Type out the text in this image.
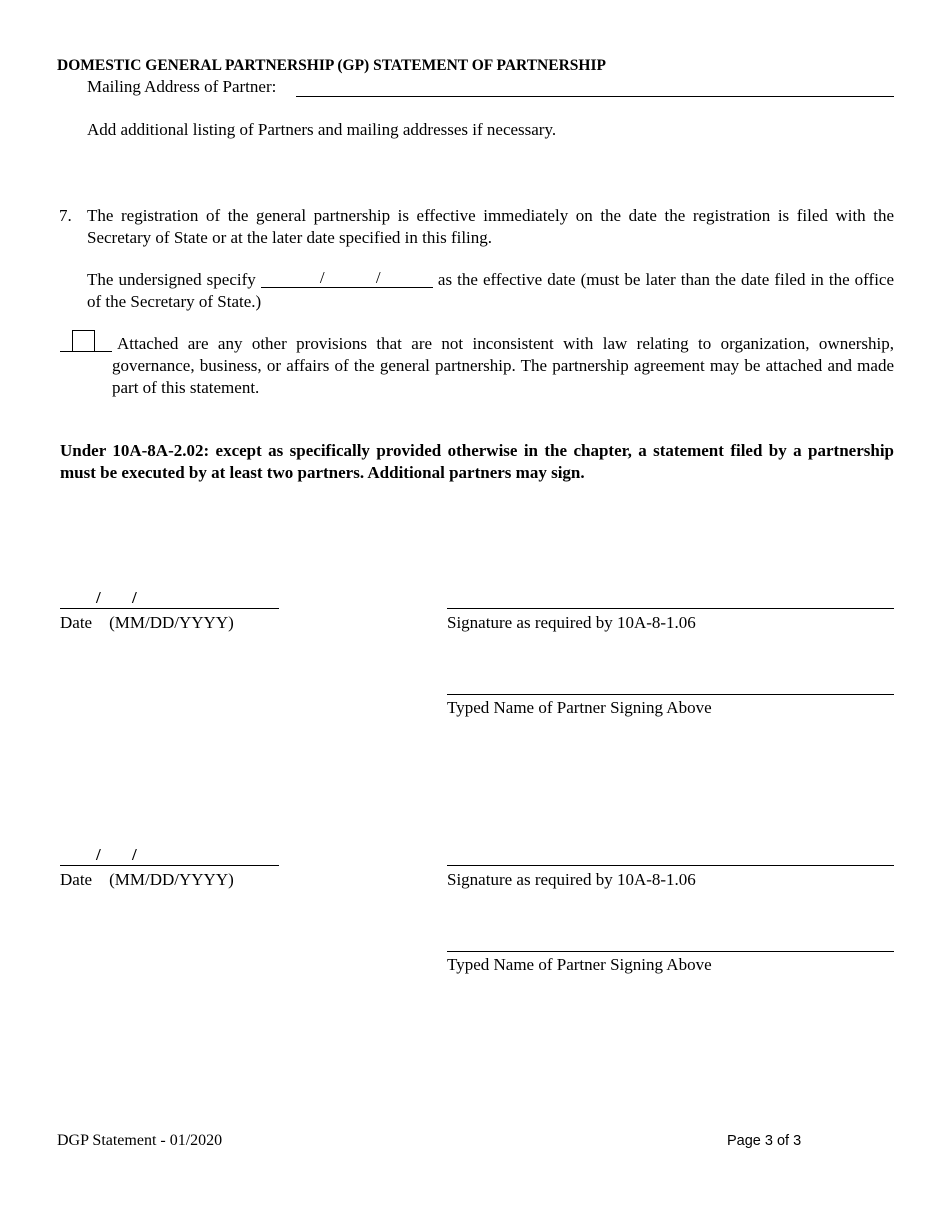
DOMESTIC GENERAL PARTNERSHIP (GP) STATEMENT OF PARTNERSHIP
Mailing Address of Partner:
Add additional listing of Partners and mailing addresses if necessary.
7. The registration of the general partnership is effective immediately on the date the registration is filed with the Secretary of State or at the later date specified in this filing.
The undersigned specify	/	/	as the effective date (must be later than the date filed in the office of the Secretary of State.)
Attached are any other provisions that are not inconsistent with law relating to organization, ownership, governance, business, or affairs of the general partnership. The partnership agreement may be attached and made part of this statement.
Under 10A-8A-2.02: except as specifically provided otherwise in the chapter, a statement filed by a partnership must be executed by at least two partners. Additional partners may sign.
/ /
Date    (MM/DD/YYYY)	Signature as required by 10A-8-1.06
Typed Name of Partner Signing Above
/ /
Date    (MM/DD/YYYY)	Signature as required by 10A-8-1.06
Typed Name of Partner Signing Above
DGP Statement - 01/2020	Page 3 of 3
